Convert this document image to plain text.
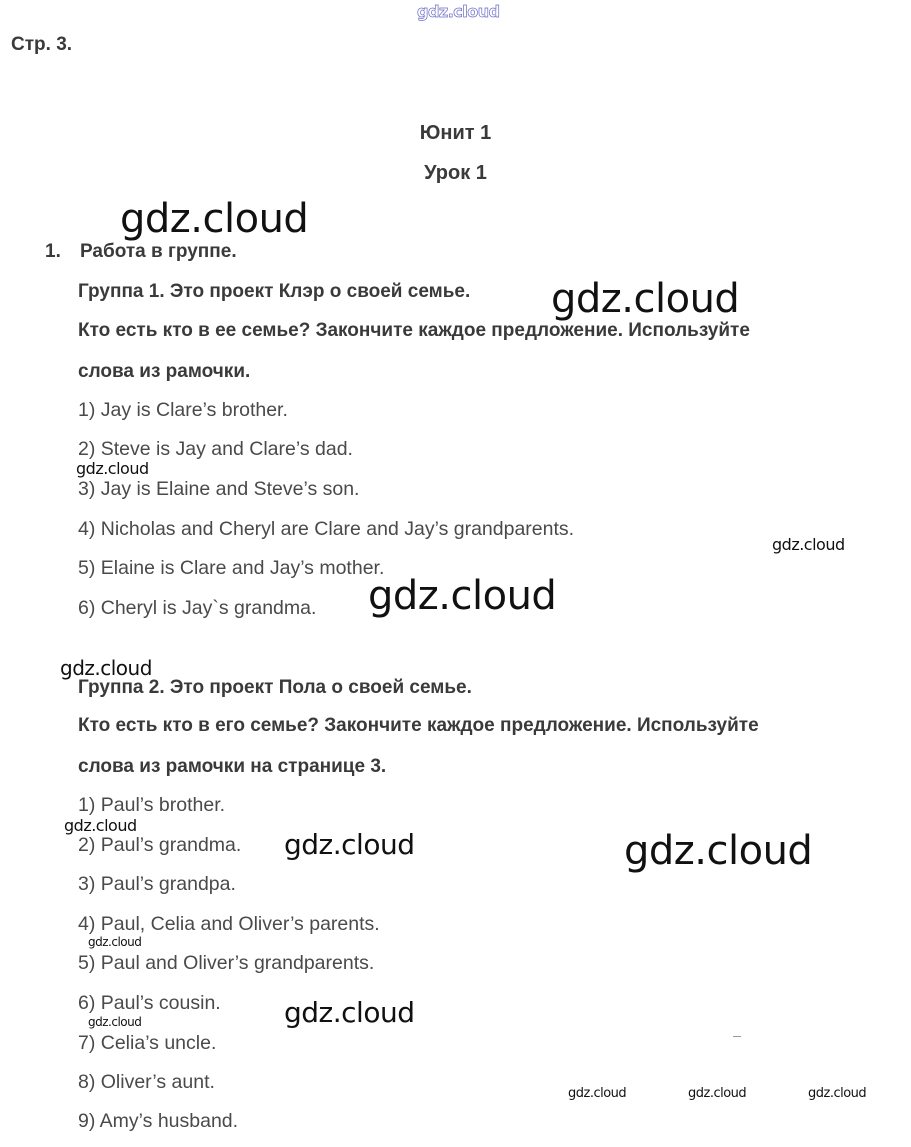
Стр. 3.
Юнит 1
Урок 1
1. Работа в группе.
Группа 1. Это проект Клэр о своей семье.
Кто есть кто в ее семье? Закончите каждое предложение. Используйте
слова из рамочки.
1) Jay is Clare’s brother.
2) Steve is Jay and Clare’s dad.
3) Jay is Elaine and Steve’s son.
4) Nicholas and Cheryl are Clare and Jay’s grandparents.
5) Elaine is Clare and Jay’s mother.
6) Cheryl is Jay`s grandma.
Группа 2. Это проект Пола о своей семье.
Кто есть кто в его семье? Закончите каждое предложение. Используйте
слова из рамочки на странице 3.
1) Paul’s brother.
2) Paul’s grandma.
3) Paul’s grandpa.
4) Paul, Celia and Oliver’s parents.
5) Paul and Oliver’s grandparents.
6) Paul’s cousin.
7) Celia’s uncle.
8) Oliver’s aunt.
9) Amy’s husband.
gdz.cloud
gdz.cloud
gdz.cloud
gdz.cloud
gdz.cloud
gdz.cloud
gdz.cloud
gdz.cloud
gdz.cloud	gdz.cloud
gdz.cloud
gdz.cloud
gdz.cloud
gdz.cloud	gdz.cloud	gdz.cloud
